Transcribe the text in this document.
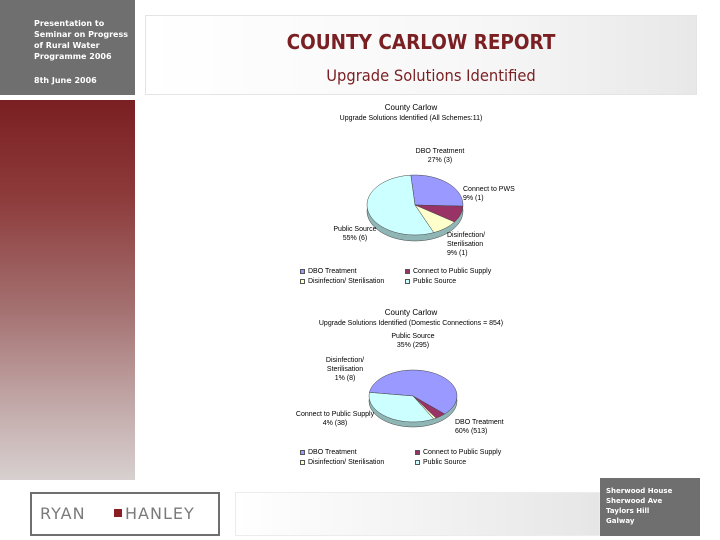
Presentation to Seminar on Progress of Rural Water Programme 2006
8th June 2006
COUNTY CARLOW REPORT
Upgrade Solutions Identified
County Carlow
Upgrade Solutions Identified (All Schemes:11)
DBO Treatment 27% (3)
Connect to PWS 9% (1)
Disinfection/ Sterilisation 9% (1)
Public Source 55% (6)
DBO Treatment	Connect to Public Supply
Disinfection/ Sterilisation	Public Source
County Carlow
Upgrade Solutions Identified (Domestic Connections = 854)
DBO Treatment 60% (513)
Connect to Public Supply 4% (38)
Disinfection/ Sterilisation 1% (8)
Public Source 35% (295)
DBO Treatment	Connect to Public Supply
Disinfection/ Sterilisation	Public Source
RYAN HANLEY
Sherwood House
Sherwood Ave
Taylors Hill
Galway
